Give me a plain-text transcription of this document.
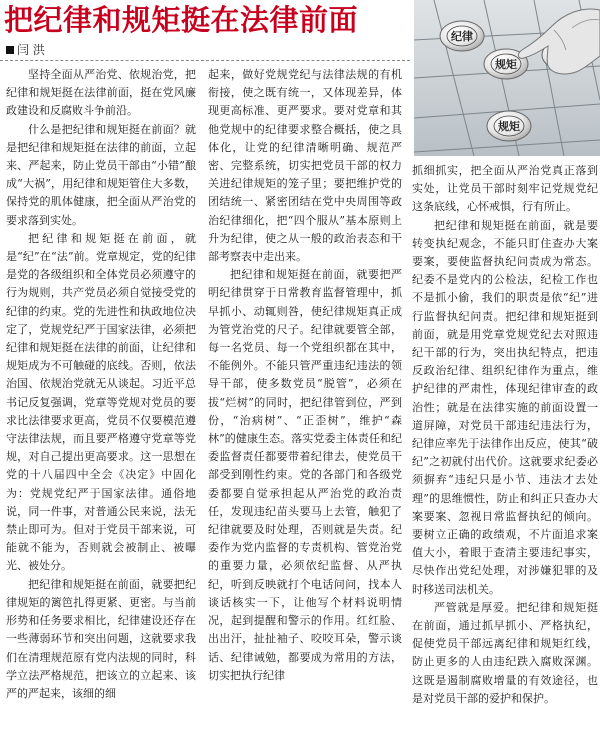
把纪律和规矩挺在法律前面
闫 洪
纪律
规矩
规矩

坚持全面从严治党、依规治党，把纪律和规矩挺在法律前面，挺在党风廉政建设和反腐败斗争前沿。

什么是把纪律和规矩挺在前面？就是把纪律和规矩挺在法律的前面，立起来、严起来，防止党员干部由“小错”酿成“大祸”，用纪律和规矩管住大多数，保持党的肌体健康，把全面从严治党的要求落到实处。

把纪律和规矩挺在前面，就是“纪”在“法”前。党章规定，党的纪律是党的各级组织和全体党员必须遵守的行为规则，共产党员必须自觉接受党的纪律的约束。党的先进性和执政地位决定了，党规党纪严于国家法律，必须把纪律和规矩挺在法律的前面，让纪律和规矩成为不可触碰的底线。否则，依法治国、依规治党就无从谈起。习近平总书记反复强调，党章等党规对党员的要求比法律要求更高，党员不仅要模范遵守法律法规，而且要严格遵守党章等党规，对自己提出更高要求。这一思想在党的十八届四中全会《决定》中固化为：党规党纪严于国家法律。通俗地说，同一件事，对普通公民来说，法无禁止即可为。但对于党员干部来说，可能就不能为，否则就会被制止、被曝光、被处分。

把纪律和规矩挺在前面，就要把纪律规矩的篱笆扎得更紧、更密。与当前形势和任务要求相比，纪律建设还存在一些薄弱环节和突出问题，这就要求我们在清理规范原有党内法规的同时，科学立法严格规范，把该立的立起来、该严的严起来，该细的细

起来，做好党规党纪与法律法规的有机衔接，使之既有统一，又体现差异，体现更高标准、更严要求。要对党章和其他党规中的纪律要求整合概括，使之具体化，让党的纪律清晰明确、规范严密、完整系统，切实把党员干部的权力关进纪律规矩的笼子里；要把维护党的团结统一、紧密团结在党中央周围等政治纪律细化，把“四个服从”基本原则上升为纪律，使之从一般的政治表态和干部考察表中走出来。

把纪律和规矩挺在前面，就要把严明纪律贯穿于日常教育监督管理中，抓早抓小、动辄则咎，使纪律规矩真正成为管党治党的尺子。纪律就要管全部，每一名党员、每一个党组织都在其中，不能例外。不能只管严重违纪违法的领导干部，使多数党员“脱管”，必须在拔“烂树”的同时，把纪律管到位，严到份，“治病树”、“正歪树”，维护“森林”的健康生态。落实党委主体责任和纪委监督责任都要带着纪律去，使党员干部受到刚性约束。党的各部门和各级党委都要自觉承担起从严治党的政治责任，发现违纪苗头要马上去管，触犯了纪律就要及时处理，否则就是失责。纪委作为党内监督的专责机构、管党治党的重要力量，必须依纪监督、从严执纪，听到反映就打个电话问问，找本人谈话核实一下，让他写个材料说明情况，起到提醒和警示的作用。红红脸、出出汗，扯扯袖子、咬咬耳朵，警示谈话、纪律诫勉，都要成为常用的方法，切实把执行纪律

抓细抓实，把全面从严治党真正落到实处，让党员干部时刻牢记党规党纪这条底线，心怀戒惧，行有所止。

把纪律和规矩挺在前面，就是要转变执纪观念，不能只盯住查办大案要案，要使监督执纪问责成为常态。纪委不是党内的公检法，纪检工作也不是抓小偷，我们的职责是依“纪”进行监督执纪问责。把纪律和规矩挺到前面，就是用党章党规党纪去对照违纪干部的行为，突出执纪特点，把违反政治纪律、组织纪律作为重点，维护纪律的严肃性，体现纪律审查的政治性；就是在法律实施的前面设置一道屏障，对党员干部违纪违法行为，纪律应率先于法律作出反应，使其“破纪”之初就付出代价。这就要求纪委必须摒弃“违纪只是小节、违法才去处理”的思维惯性，防止和纠正只查办大案要案、忽视日常监督执纪的倾向。要树立正确的政绩观，不片面追求案值大小，着眼于查清主要违纪事实，尽快作出党纪处理，对涉嫌犯罪的及时移送司法机关。

严管就是厚爱。把纪律和规矩挺在前面，通过抓早抓小、严格执纪，促使党员干部远离纪律和规矩红线，防止更多的人由违纪跌入腐败深渊。这既是遏制腐败增量的有效途径，也是对党员干部的爱护和保护。
